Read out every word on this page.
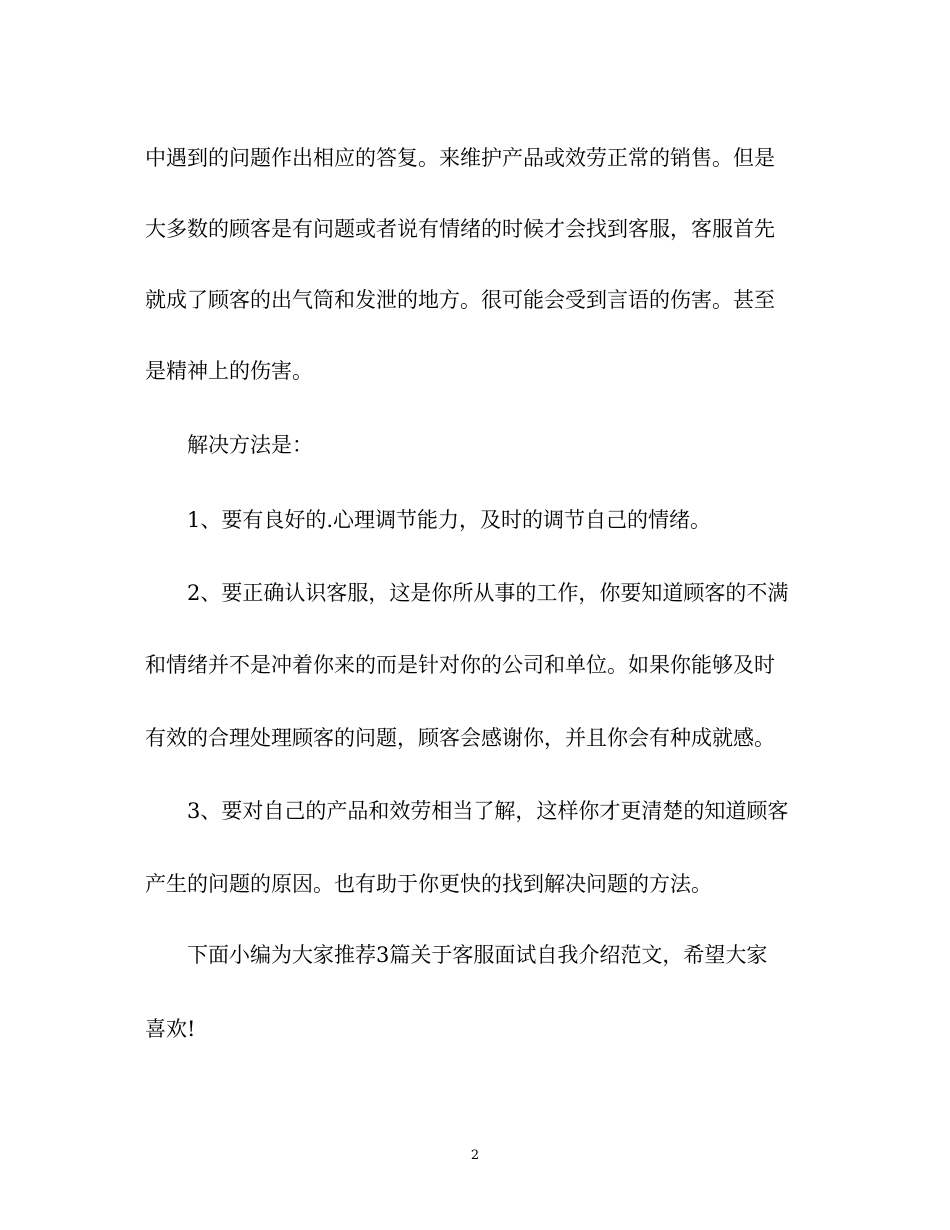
中遇到的问题作出相应的答复。来维护产品或效劳正常的销售。但是
大多数的顾客是有问题或者说有情绪的时候才会找到客服，客服首先
就成了顾客的出气筒和发泄的地方。很可能会受到言语的伤害。甚至
是精神上的伤害。
解决方法是：
1、要有良好的.心理调节能力，及时的调节自己的情绪。
2、要正确认识客服，这是你所从事的工作，你要知道顾客的不满
和情绪并不是冲着你来的而是针对你的公司和单位。如果你能够及时
有效的合理处理顾客的问题，顾客会感谢你，并且你会有种成就感。
3、要对自己的产品和效劳相当了解，这样你才更清楚的知道顾客
产生的问题的原因。也有助于你更快的找到解决问题的方法。
下面小编为大家推荐3篇关于客服面试自我介绍范文，希望大家
喜欢!
2
